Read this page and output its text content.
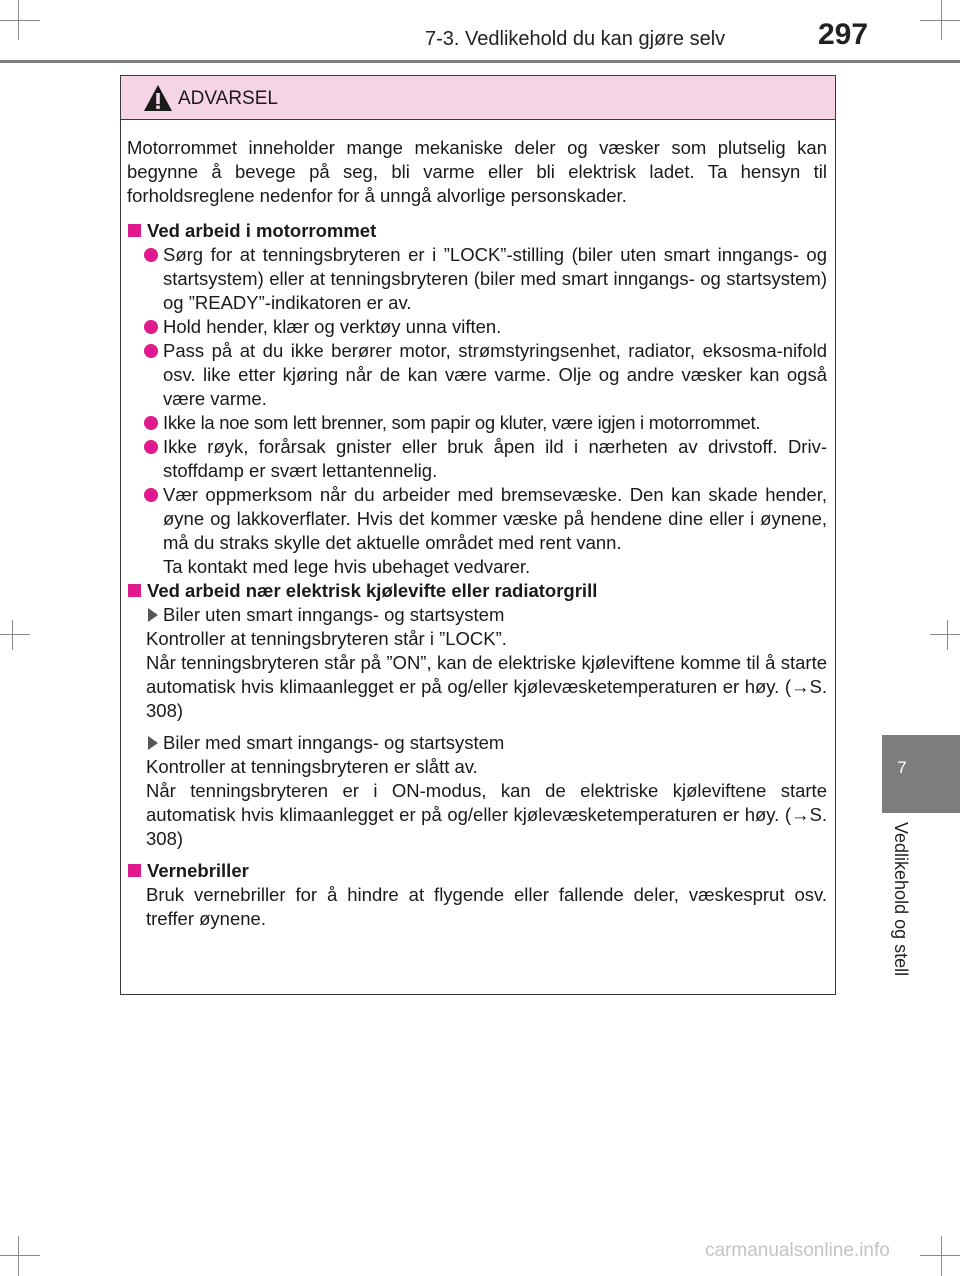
7-3. Vedlikehold du kan gjøre selv	297
7
Vedlikehold og stell
ADVARSEL

Motorrommet inneholder mange mekaniske deler og væsker som plutselig kan begynne å bevege på seg, bli varme eller bli elektrisk ladet. Ta hensyn til forholdsreglene nedenfor for å unngå alvorlige personskader.

Ved arbeid i motorrommet

Sørg for at tenningsbryteren er i ”LOCK”-stilling (biler uten smart inngangs- og startsystem) eller at tenningsbryteren (biler med smart inngangs- og startsystem) og ”READY”-indikatoren er av.

Hold hender, klær og verktøy unna viften.

Pass på at du ikke berører motor, strømstyringsenhet, radiator, eksosma-nifold osv. like etter kjøring når de kan være varme. Olje og andre væsker kan også være varme.

Ikke la noe som lett brenner, som papir og kluter, være igjen i motorrommet.

Ikke røyk, forårsak gnister eller bruk åpen ild i nærheten av drivstoff. Driv-stoffdamp er svært lettantennelig.

Vær oppmerksom når du arbeider med bremsevæske. Den kan skade hender, øyne og lakkoverflater. Hvis det kommer væske på hendene dine eller i øynene, må du straks skylle det aktuelle området med rent vann.
Ta kontakt med lege hvis ubehaget vedvarer.

Ved arbeid nær elektrisk kjølevifte eller radiatorgrill

Biler uten smart inngangs- og startsystem

Kontroller at tenningsbryteren står i ”LOCK”.
Når tenningsbryteren står på ”ON”, kan de elektriske kjøleviftene komme til å starte automatisk hvis klimaanlegget er på og/eller kjølevæsketemperaturen er høy. (→S. 308)

Biler med smart inngangs- og startsystem

Kontroller at tenningsbryteren er slått av.
Når tenningsbryteren er i ON-modus, kan de elektriske kjøleviftene starte automatisk hvis klimaanlegget er på og/eller kjølevæsketemperaturen er høy. (→S. 308)

Vernebriller

Bruk vernebriller for å hindre at flygende eller fallende deler, væskesprut osv. treffer øynene.

carmanualsonline.info
